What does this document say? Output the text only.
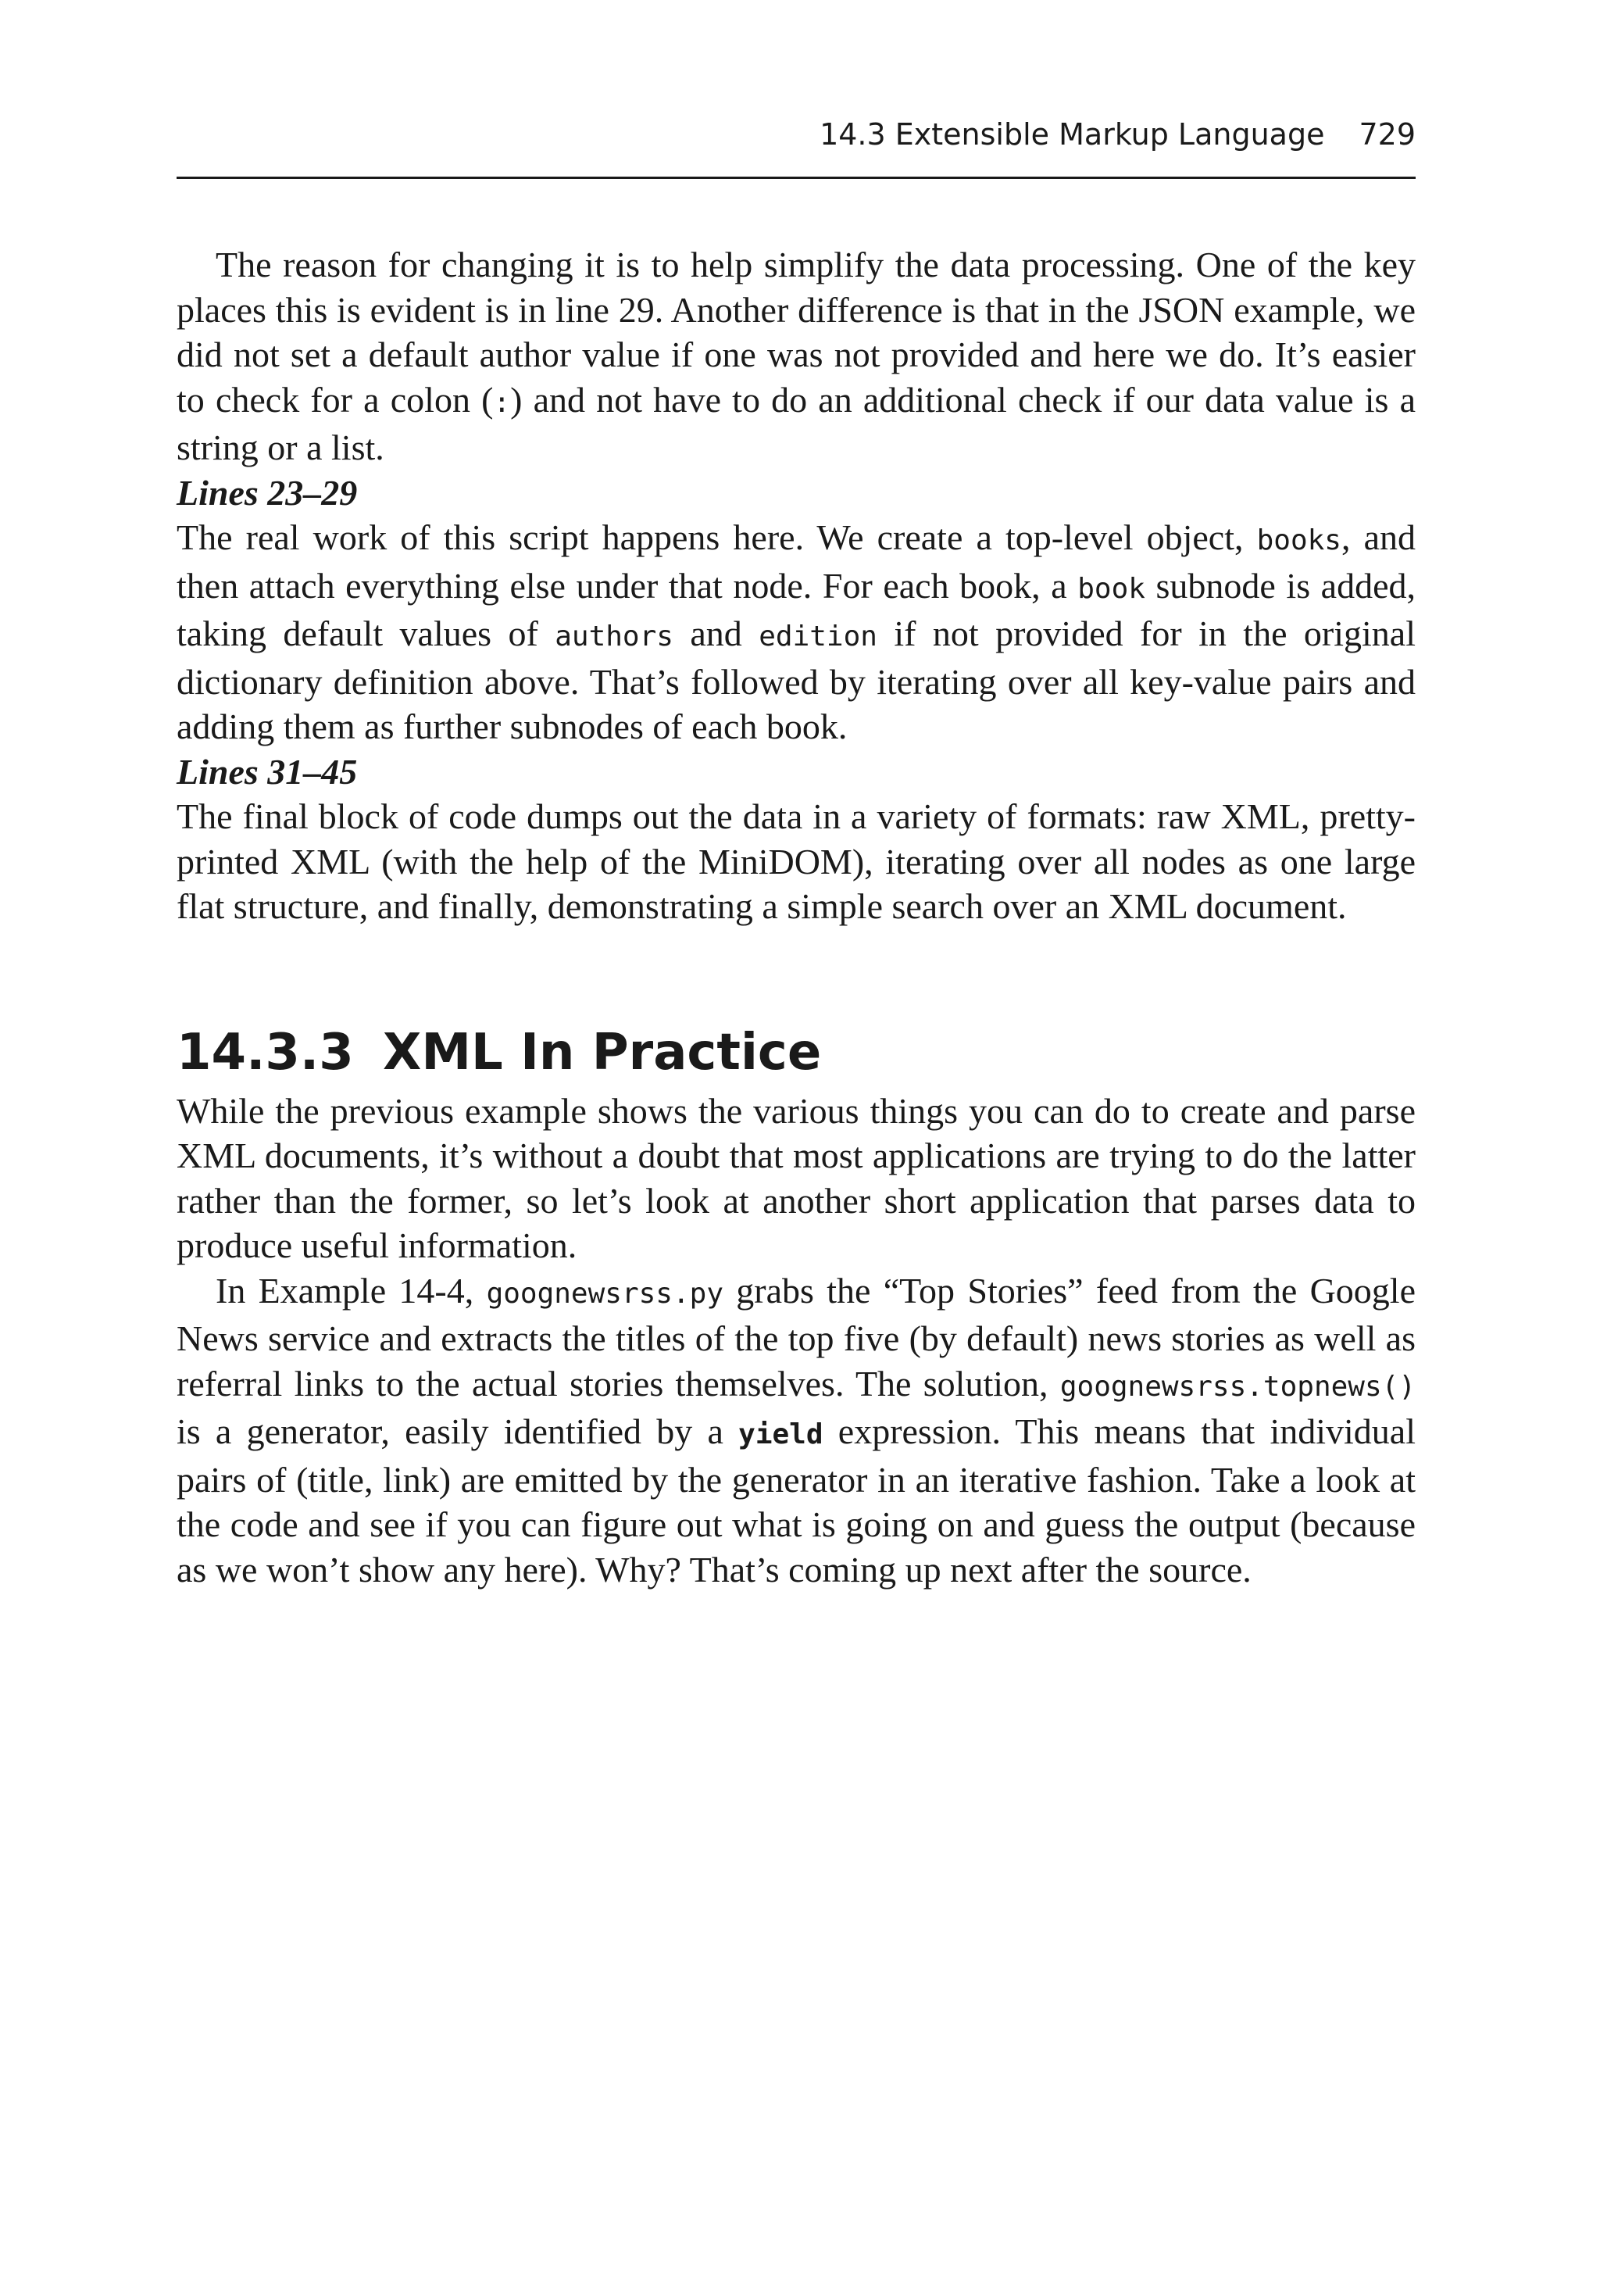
14.3 Extensible Markup Language 729

The reason for changing it is to help simplify the data processing. One of the key places this is evident is in line 29. Another difference is that in the JSON example, we did not set a default author value if one was not provided and here we do. It’s easier to check for a colon (:) and not have to do an additional check if our data value is a string or a list.

Lines 23–29

The real work of this script happens here. We create a top-level object, books, and then attach everything else under that node. For each book, a book subnode is added, taking default values of authors and edition if not provided for in the original dictionary definition above. That’s followed by iterating over all key-value pairs and adding them as further subnodes of each book.

Lines 31–45

The final block of code dumps out the data in a variety of formats: raw XML, pretty-printed XML (with the help of the MiniDOM), iterating over all nodes as one large flat structure, and finally, demonstrating a simple search over an XML document.

14.3.3 XML In Practice

While the previous example shows the various things you can do to create and parse XML documents, it’s without a doubt that most applications are trying to do the latter rather than the former, so let’s look at another short application that parses data to produce useful information.

In Example 14-4, goognewsrss.py grabs the “Top Stories” feed from the Google News service and extracts the titles of the top five (by default) news stories as well as referral links to the actual stories themselves. The solution, goognewsrss.topnews() is a generator, easily identified by a yield expression. This means that individual pairs of (title, link) are emitted by the generator in an iterative fashion. Take a look at the code and see if you can figure out what is going on and guess the output (because as we won’t show any here). Why? That’s coming up next after the source.
